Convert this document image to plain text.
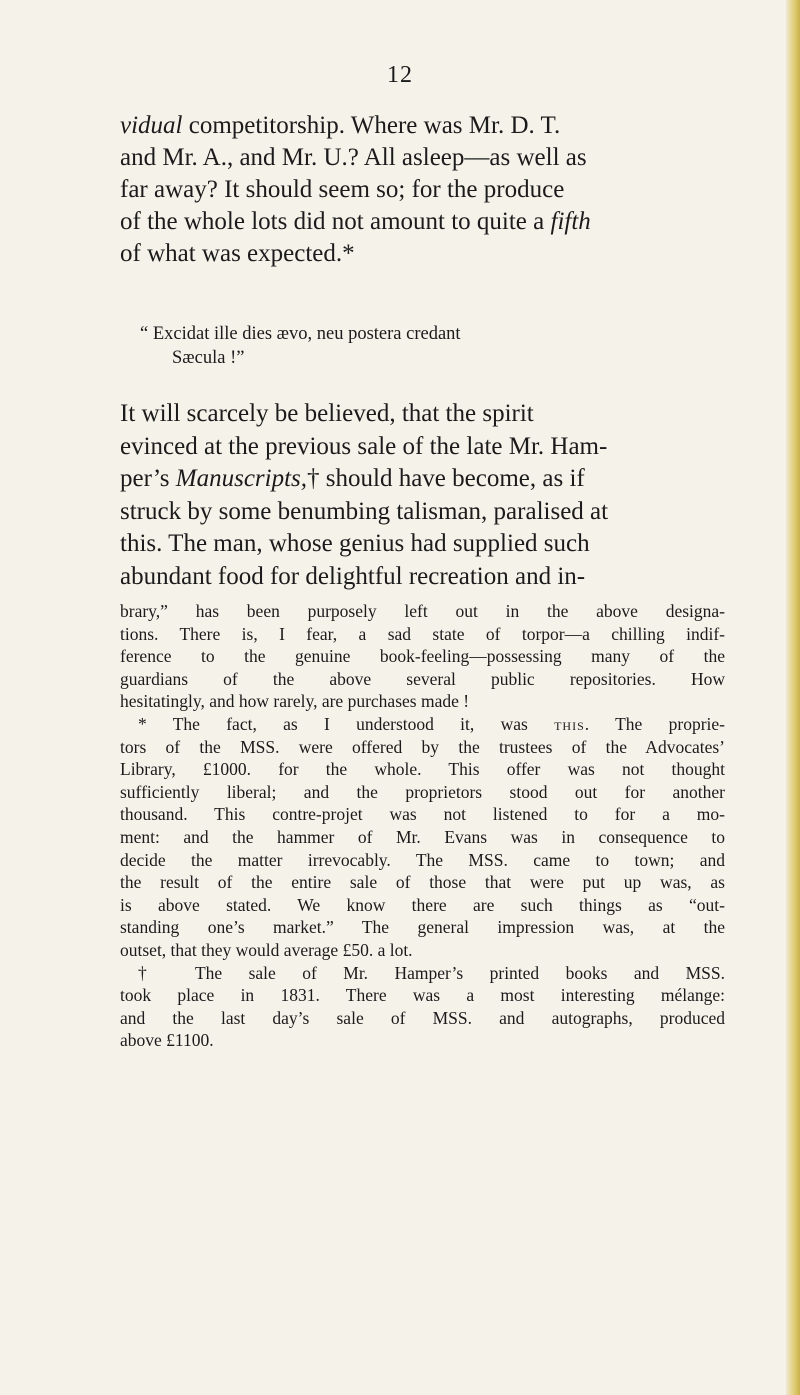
12

vidual competitorship. Where was Mr. D. T.
and Mr. A., and Mr. U.? All asleep—as well as
far away? It should seem so; for the produce
of the whole lots did not amount to quite a fifth
of what was expected.*

“ Excidat ille dies ævo, neu postera credant
Sæcula !”

It will scarcely be believed, that the spirit
evinced at the previous sale of the late Mr. Ham-
per’s Manuscripts,† should have become, as if
struck by some benumbing talisman, paralised at
this. The man, whose genius had supplied such
abundant food for delightful recreation and in-

brary,” has been purposely left out in the above designa-
tions. There is, I fear, a sad state of torpor—a chilling indif-
ference to the genuine book-feeling—possessing many of the
guardians of the above several public repositories. How
hesitatingly, and how rarely, are purchases made !

* The fact, as I understood it, was this. The proprie-
tors of the MSS. were offered by the trustees of the Advocates’
Library, £1000. for the whole. This offer was not thought
sufficiently liberal; and the proprietors stood out for another
thousand. This contre-projet was not listened to for a mo-
ment: and the hammer of Mr. Evans was in consequence to
decide the matter irrevocably. The MSS. came to town; and
the result of the entire sale of those that were put up was, as
is above stated. We know there are such things as “out-
standing one’s market.” The general impression was, at the
outset, that they would average £50. a lot.

† The sale of Mr. Hamper’s printed books and MSS.
took place in 1831. There was a most interesting mélange:
and the last day’s sale of MSS. and autographs, produced
above £1100.
